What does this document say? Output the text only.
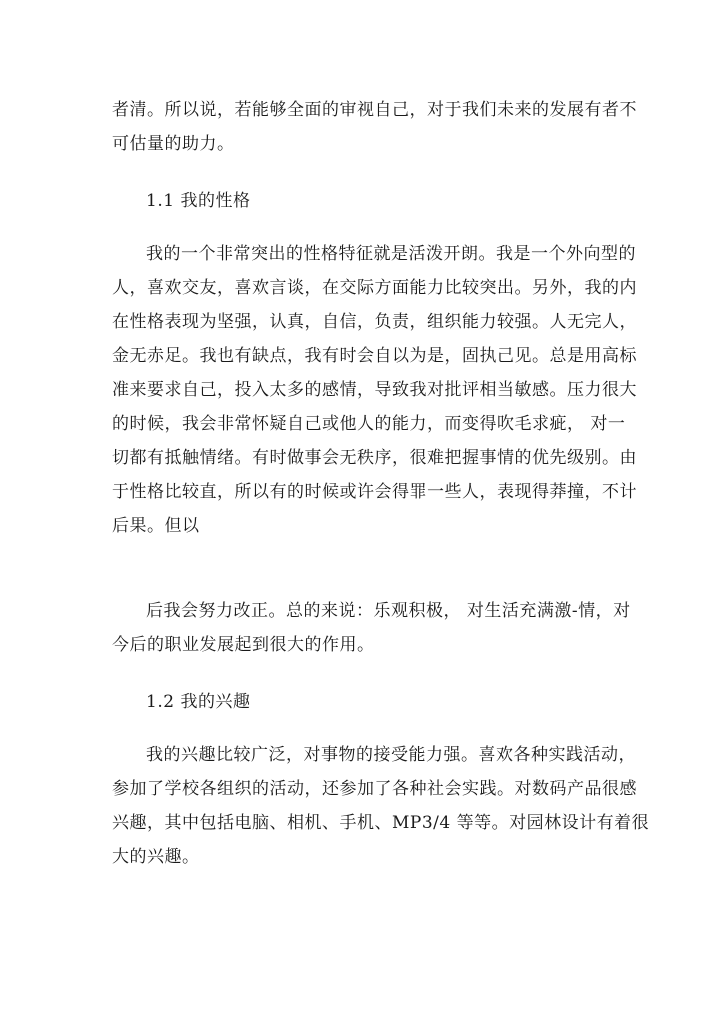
者清。所以说，若能够全面的审视自己，对于我们未来的发展有者不
可估量的助力。
1.1 我的性格
我的一个非常突出的性格特征就是活泼开朗。我是一个外向型的
人，喜欢交友，喜欢言谈，在交际方面能力比较突出。另外，我的内
在性格表现为坚强，认真，自信，负责，组织能力较强。人无完人，
金无赤足。我也有缺点，我有时会自以为是，固执己见。总是用高标
准来要求自己，投入太多的感情，导致我对批评相当敏感。压力很大
的时候，我会非常怀疑自己或他人的能力，而变得吹毛求疵， 对一
切都有抵触情绪。有时做事会无秩序，很难把握事情的优先级别。由
于性格比较直，所以有的时候或许会得罪一些人，表现得莽撞，不计
后果。但以
后我会努力改正。总的来说：乐观积极， 对生活充满激-情，对
今后的职业发展起到很大的作用。
1.2 我的兴趣
我的兴趣比较广泛，对事物的接受能力强。喜欢各种实践活动，
参加了学校各组织的活动，还参加了各种社会实践。对数码产品很感
兴趣，其中包括电脑、相机、手机、MP3/4 等等。对园林设计有着很
大的兴趣。
